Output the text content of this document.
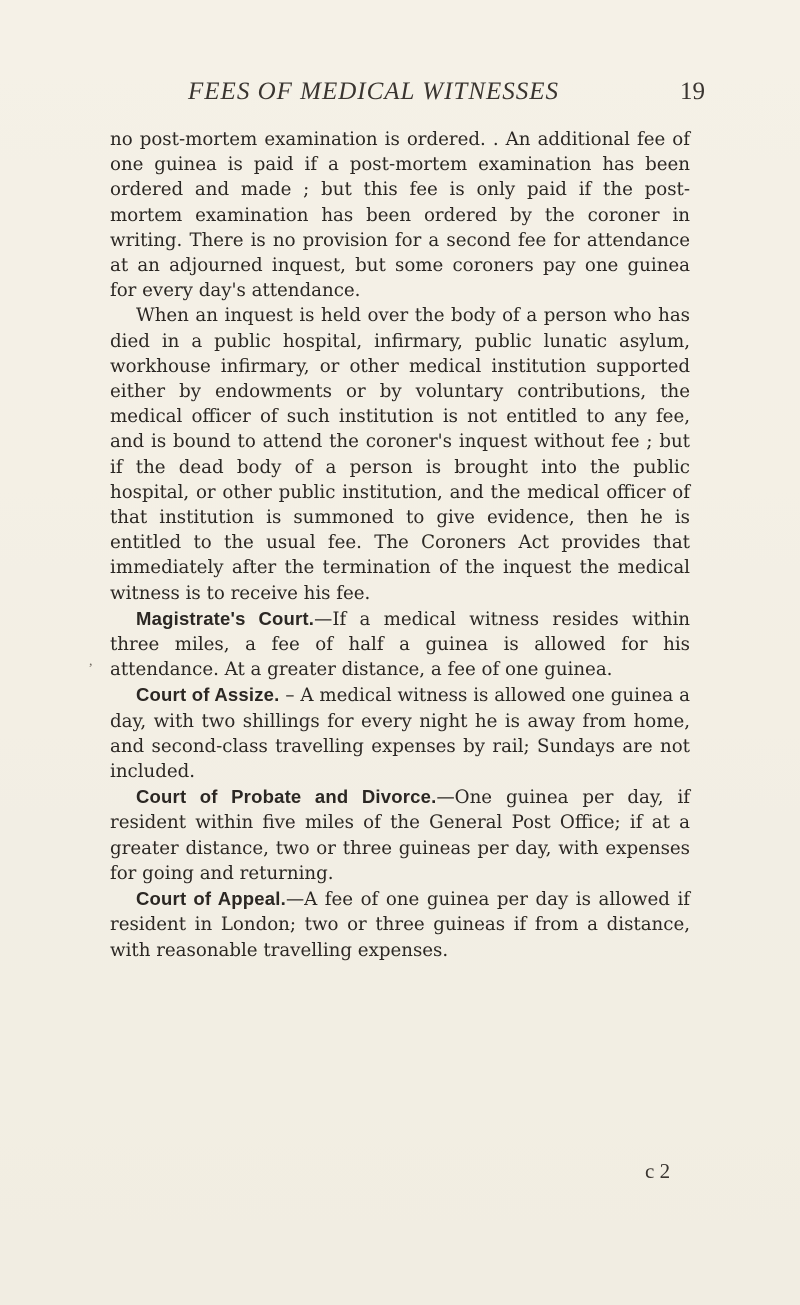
FEES OF MEDICAL WITNESSES	19

no post-mortem examination is ordered. . An additional fee of one guinea is paid if a post-mortem examination has been ordered and made ; but this fee is only paid if the post-mortem examination has been ordered by the coroner in writing. There is no provision for a second fee for attendance at an adjourned inquest, but some coroners pay one guinea for every day's attendance.

When an inquest is held over the body of a person who has died in a public hospital, infirmary, public lunatic asylum, workhouse infirmary, or other medical institution supported either by endowments or by voluntary contributions, the medical officer of such institution is not entitled to any fee, and is bound to attend the coroner's inquest without fee ; but if the dead body of a person is brought into the public hospital, or other public institution, and the medical officer of that institution is summoned to give evidence, then he is entitled to the usual fee. The Coroners Act provides that immediately after the termination of the inquest the medical witness is to receive his fee.

Magistrate's Court.—If a medical witness resides within three miles, a fee of half a guinea is allowed for his attendance. At a greater distance, a fee of one guinea.

Court of Assize. – A medical witness is allowed one guinea a day, with two shillings for every night he is away from home, and second-class travelling expenses by rail; Sundays are not included.

Court of Probate and Divorce.—One guinea per day, if resident within five miles of the General Post Office; if at a greater distance, two or three guineas per day, with expenses for going and returning.

Court of Appeal.—A fee of one guinea per day is allowed if resident in London; two or three guineas if from a distance, with reasonable travelling expenses.

,
c 2
